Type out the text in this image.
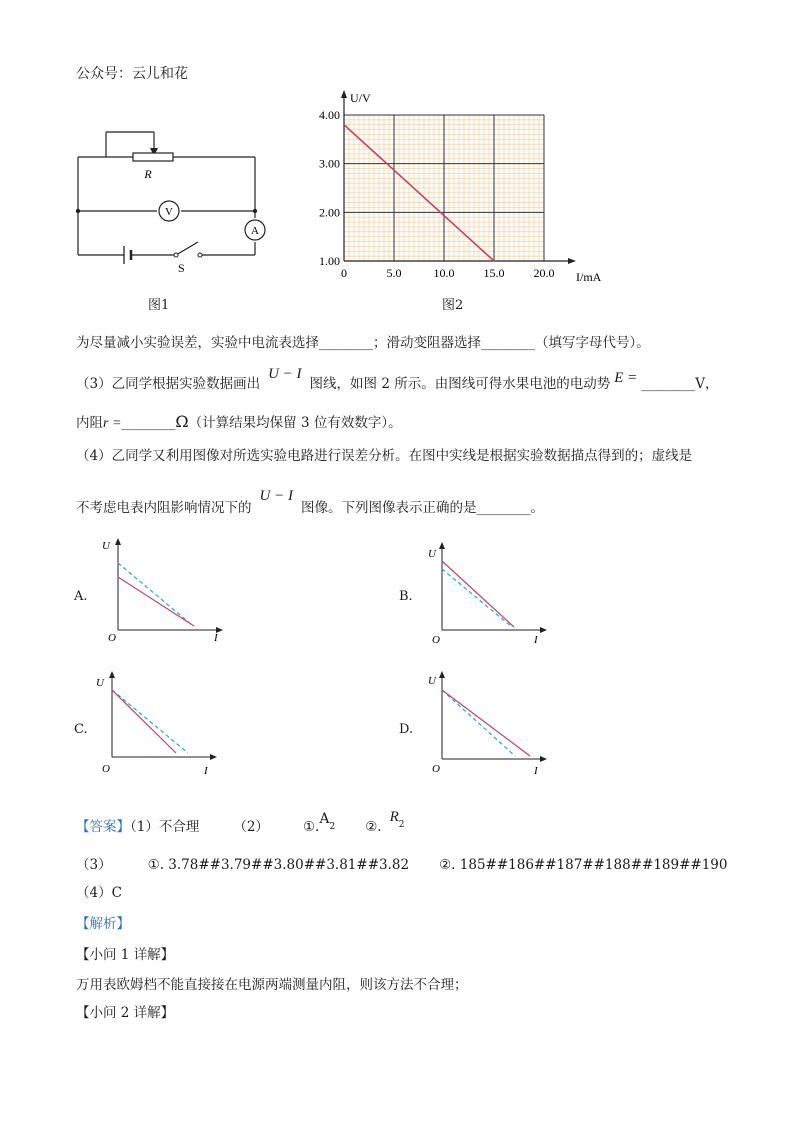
公众号：云儿和花
V
A
R
S
图1
1.00
2.00
3.00
4.00
0	5.0	10.0 15.0 20.0
U/V
I/mA
图2
为尽量减小实验误差，实验中电流表选择________；滑动变阻器选择________（填写字母代号）。
（3）乙同学根据实验数据画出U − I图线，如图 2 所示。由图线可得水果电池的电动势 E = ________V，
内阻r =________Ω（计算结果均保留 3 位有效数字）。
（4）乙同学又利用图像对所选实验电路进行误差分析。在图中实线是根据实验数据描点得到的；虚线是
不考虑电表内阻影响情况下的U − I图像。下列图像表示正确的是________。
A.	B.
C.	D.
U
O	I
U
O	I
U
O	I
U
O	I
【答案】（1）不合理	（2）	$①.A_2$ $②.R_2$
（3）	①. 3.78##3.79##3.80##3.81##3.82 ②. 185##186##187##188##189##190
（4）C
【解析】
【小问 1 详解】
万用表欧姆档不能直接接在电源两端测量内阻，则该方法不合理；
【小问 2 详解】
